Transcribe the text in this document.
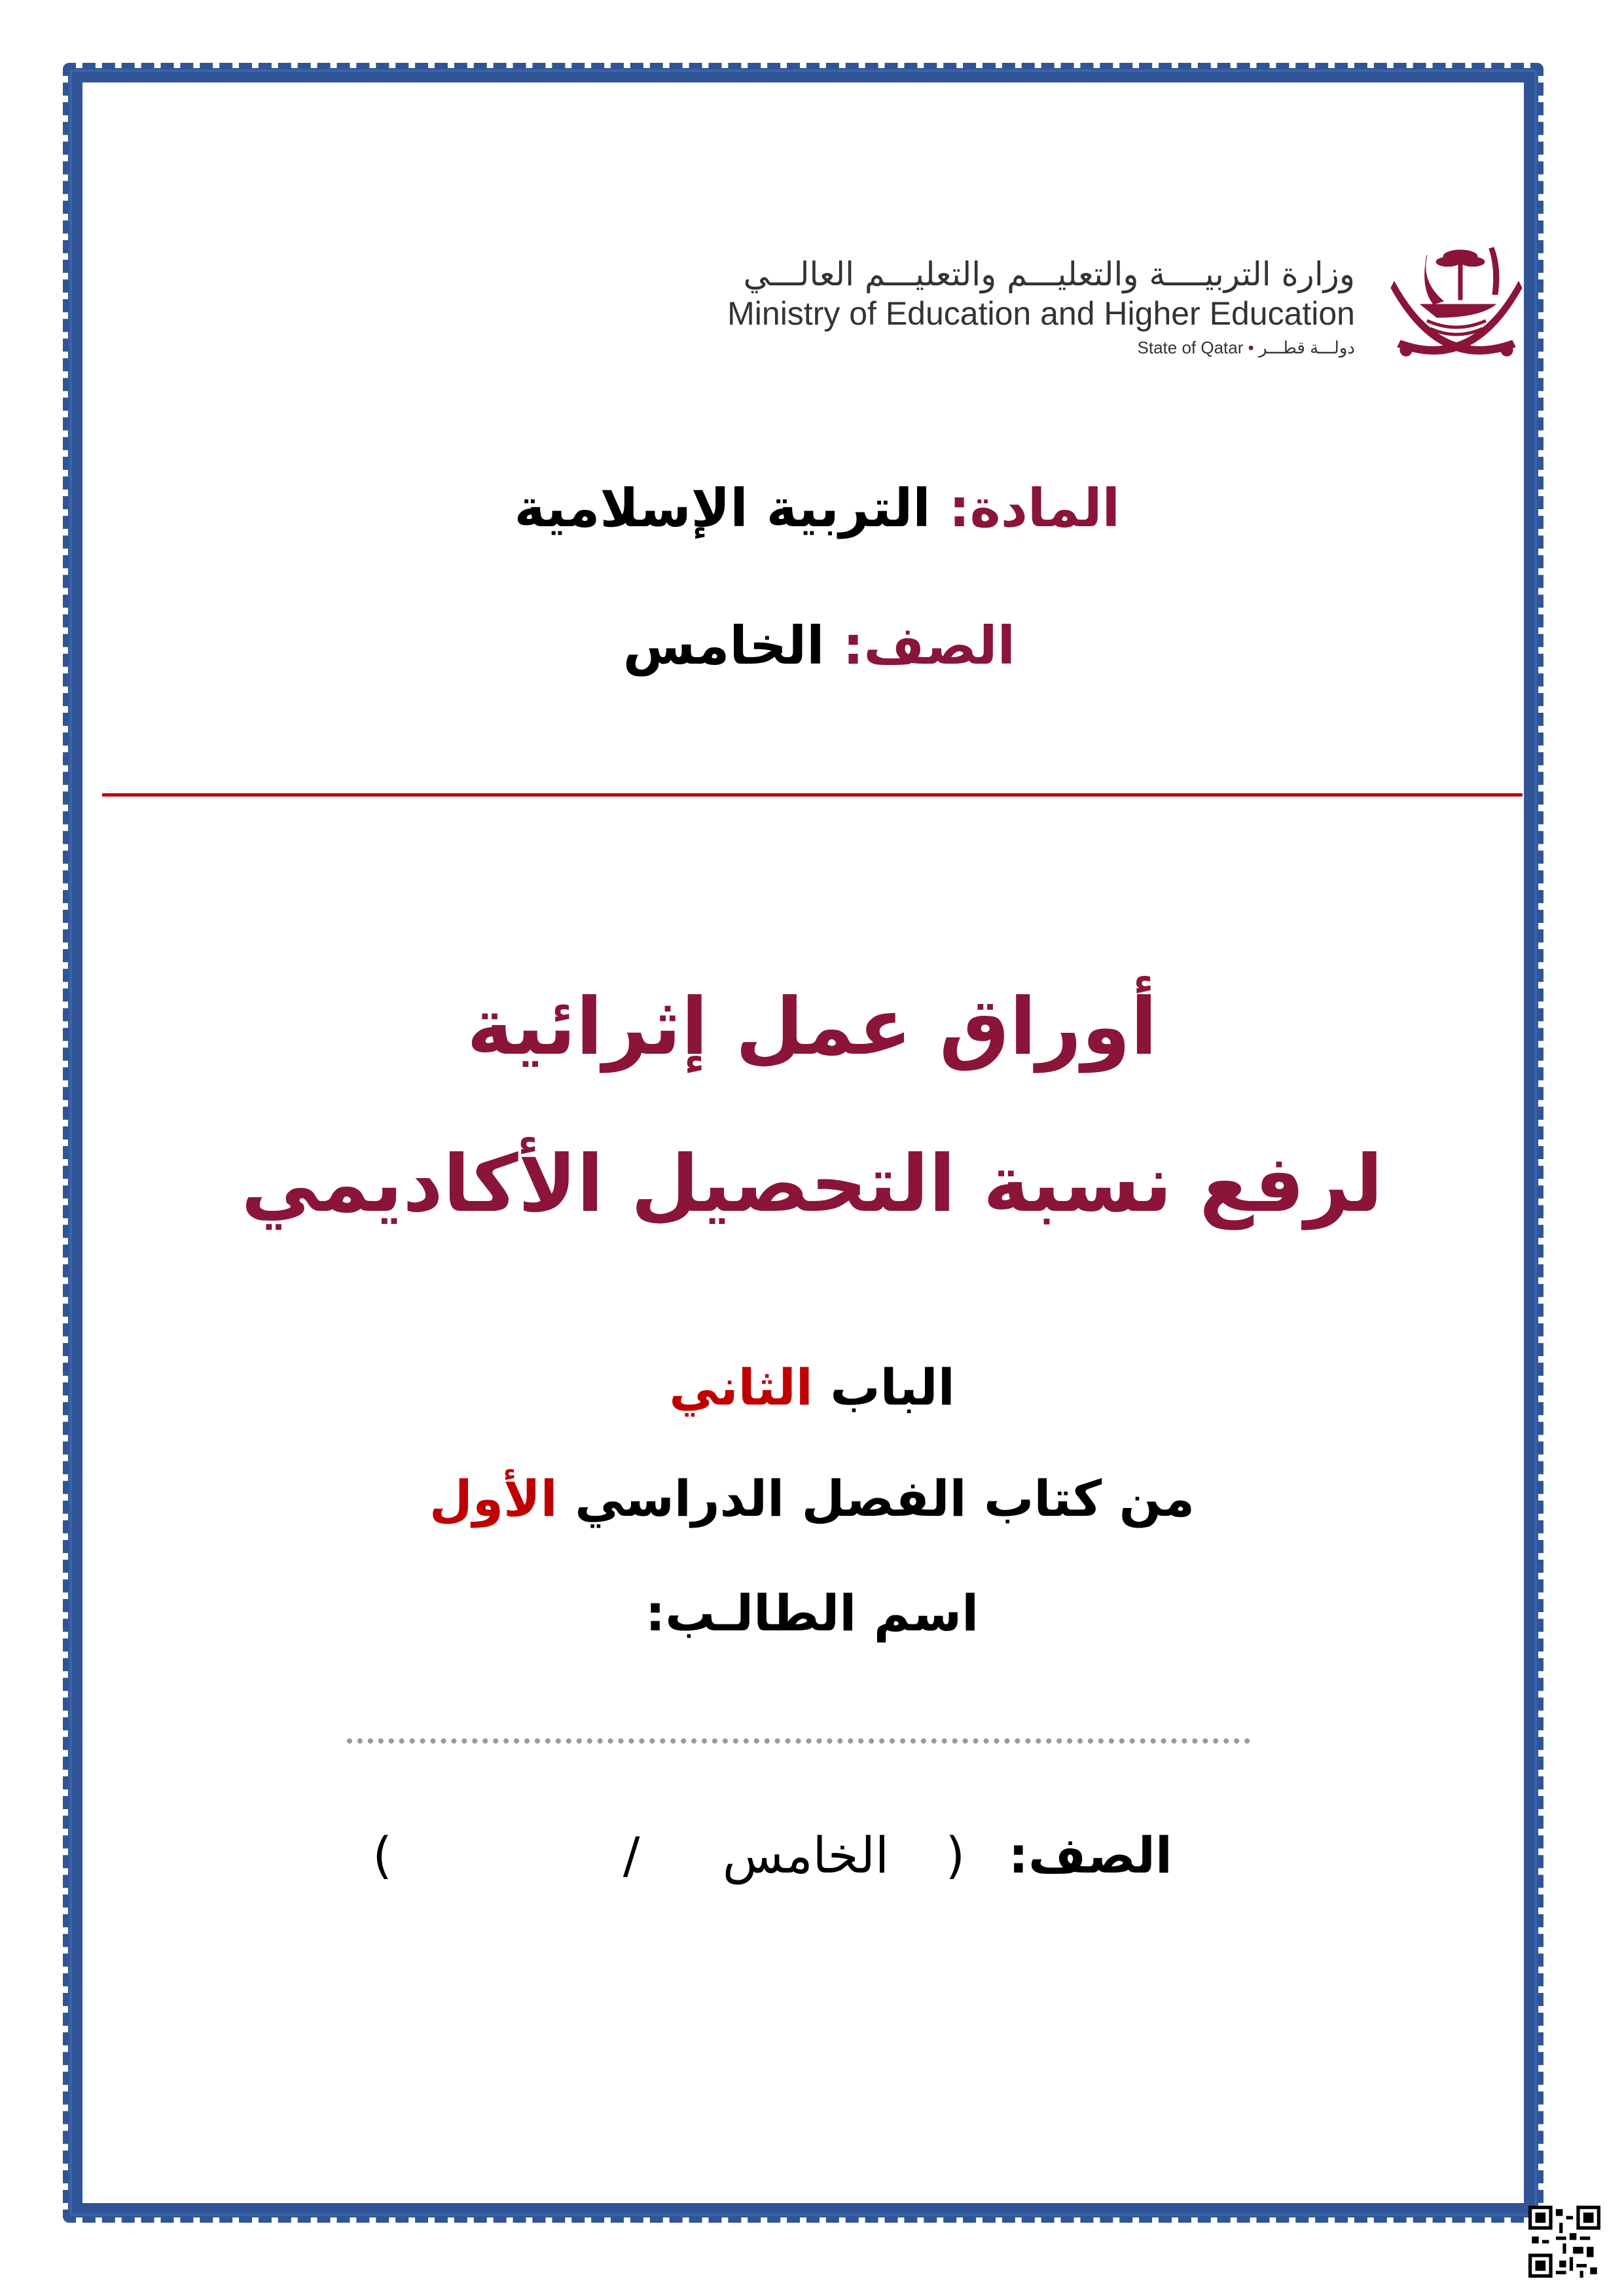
وزارة التربيــــة والتعليـــم والتعليـــم العالـــي
Ministry of Education and Higher Education
State of Qatar • دولـــة قطـــر
المادة: التربية الإسلامية
الصف: الخامس
أوراق عمل إثرائية
لرفع نسبة التحصيل الأكاديمي
الباب الثاني
من كتاب الفصل الدراسي الأول
اسم الطالـب:
الصف: ( الخامس /  )
